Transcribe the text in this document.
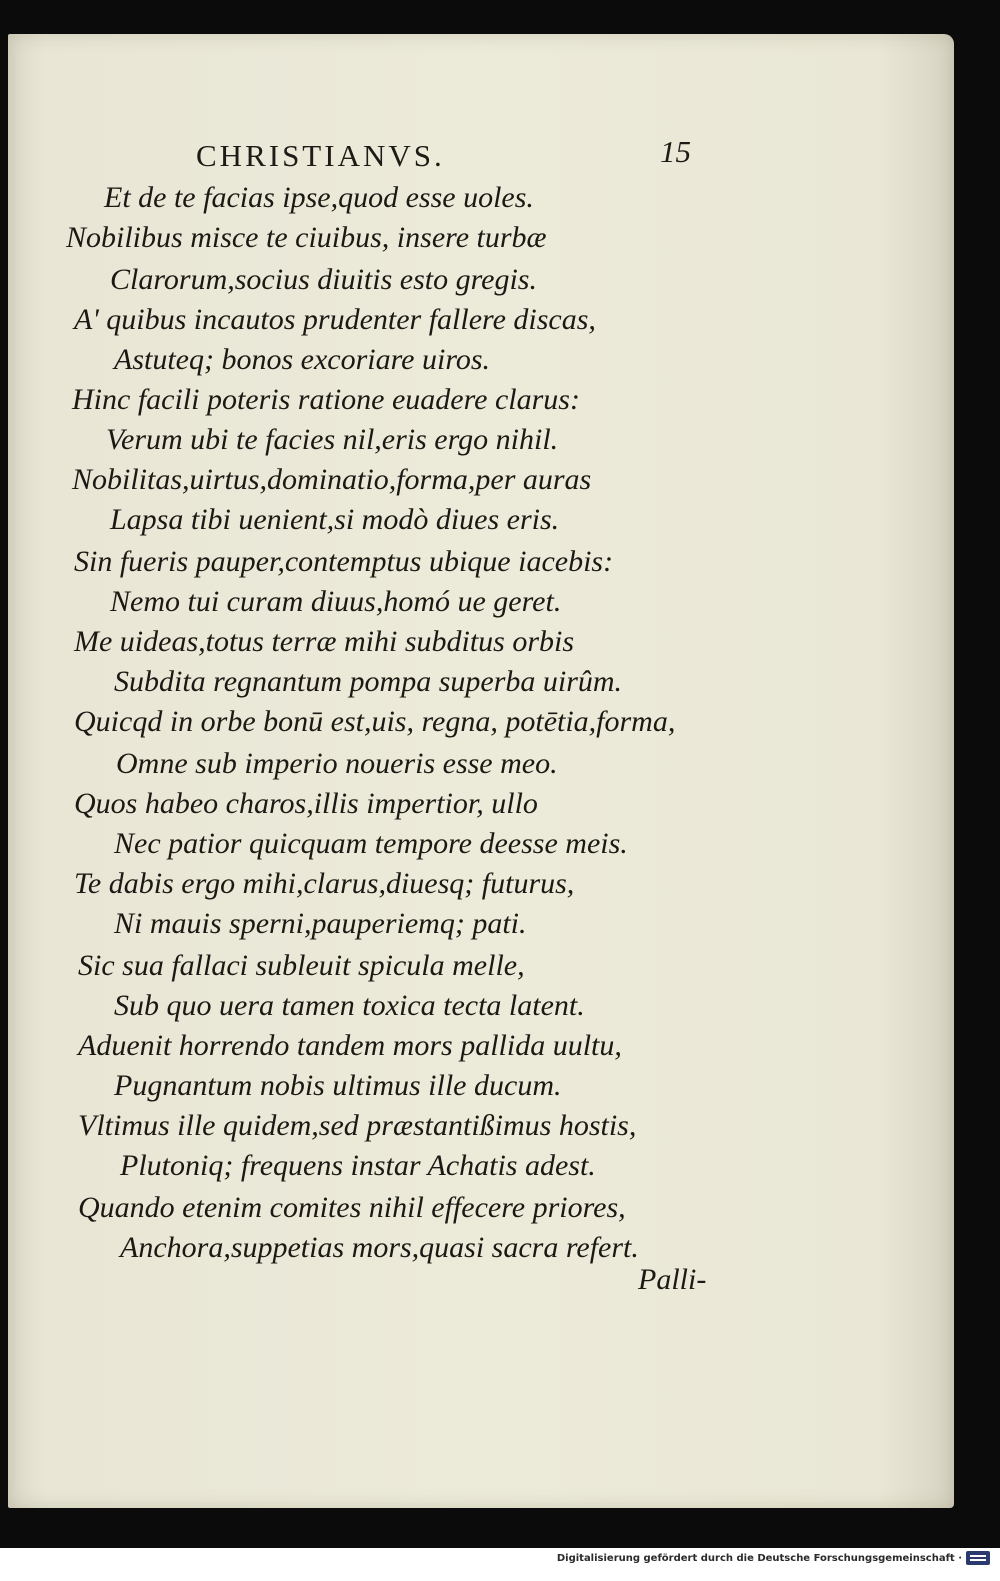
CHRISTIANVS.	15
Et de te facias ipse,quod esse uoles.
Nobilibus misce te ciuibus, insere turbæ
Clarorum,socius diuitis esto gregis.
A' quibus incautos prudenter fallere discas,
Astuteq; bonos excoriare uiros.
Hinc facili poteris ratione euadere clarus:
Verum ubi te facies nil,eris ergo nihil.
Nobilitas,uirtus,dominatio,forma,per auras
Lapsa tibi uenient,si modò diues eris.
Sin fueris pauper,contemptus ubique iacebis:
Nemo tui curam diuus,homó ue geret.
Me uideas,totus terræ mihi subditus orbis
Subdita regnantum pompa superba uirûm.
Quicqd in orbe bonū est,uis, regna, potētia,forma,
Omne sub imperio noueris esse meo.
Quos habeo charos,illis impertior, ullo
Nec patior quicquam tempore deesse meis.
Te dabis ergo mihi,clarus,diuesq; futurus,
Ni mauis sperni,pauperiemq; pati.
Sic sua fallaci subleuit spicula melle,
Sub quo uera tamen toxica tecta latent.
Aduenit horrendo tandem mors pallida uultu,
Pugnantum nobis ultimus ille ducum.
Vltimus ille quidem,sed præstantißimus hostis,
Plutoniq; frequens instar Achatis adest.
Quando etenim comites nihil effecere priores,
Anchora,suppetias mors,quasi sacra refert.
Palli-
Digitalisierung gefördert durch die Deutsche Forschungsgemeinschaft ·
